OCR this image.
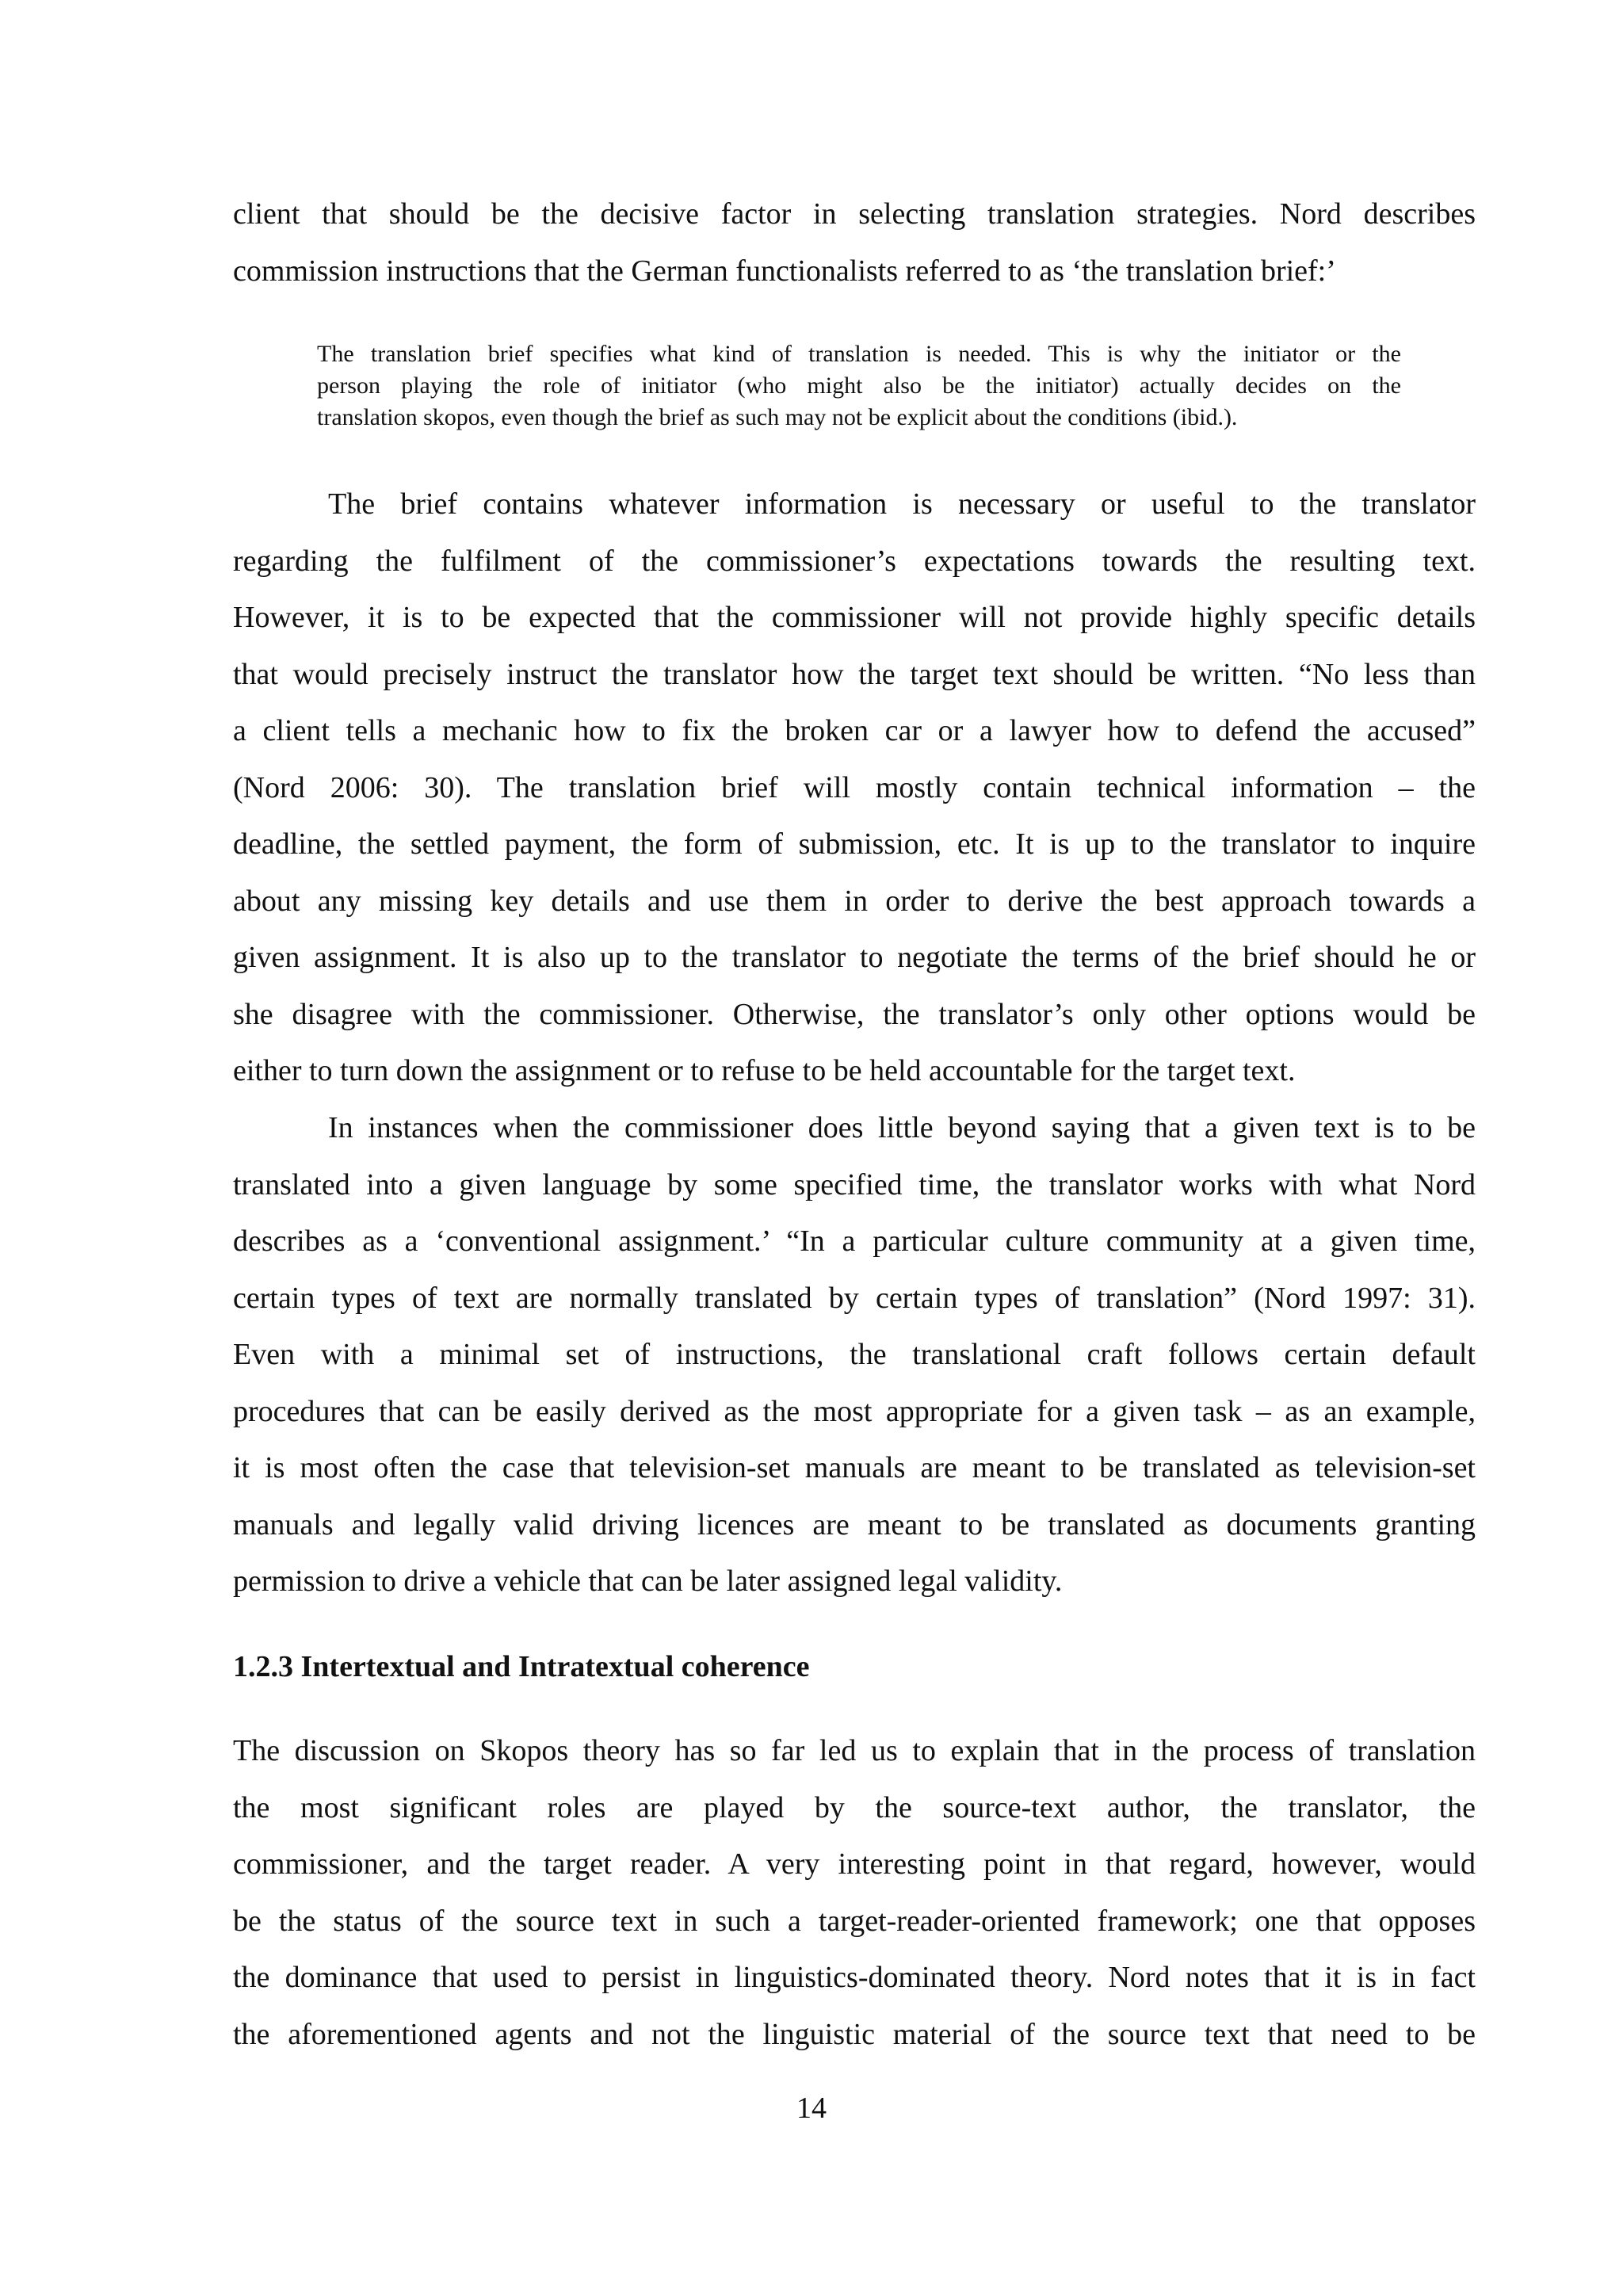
client that should be the decisive factor in selecting translation strategies. Nord describes
commission instructions that the German functionalists referred to as ‘the translation brief:’
The translation brief specifies what kind of translation is needed. This is why the initiator or the
person playing the role of initiator (who might also be the initiator) actually decides on the
translation skopos, even though the brief as such may not be explicit about the conditions (ibid.).
The brief contains whatever information is necessary or useful to the translator
regarding the fulfilment of the commissioner’s expectations towards the resulting text.
However, it is to be expected that the commissioner will not provide highly specific details
that would precisely instruct the translator how the target text should be written. “No less than
a client tells a mechanic how to fix the broken car or a lawyer how to defend the accused”
(Nord 2006: 30). The translation brief will mostly contain technical information – the
deadline, the settled payment, the form of submission, etc. It is up to the translator to inquire
about any missing key details and use them in order to derive the best approach towards a
given assignment. It is also up to the translator to negotiate the terms of the brief should he or
she disagree with the commissioner. Otherwise, the translator’s only other options would be
either to turn down the assignment or to refuse to be held accountable for the target text.
In instances when the commissioner does little beyond saying that a given text is to be
translated into a given language by some specified time, the translator works with what Nord
describes as a ‘conventional assignment.’ “In a particular culture community at a given time,
certain types of text are normally translated by certain types of translation” (Nord 1997: 31).
Even with a minimal set of instructions, the translational craft follows certain default
procedures that can be easily derived as the most appropriate for a given task – as an example,
it is most often the case that television-set manuals are meant to be translated as television-set
manuals and legally valid driving licences are meant to be translated as documents granting
permission to drive a vehicle that can be later assigned legal validity.
1.2.3 Intertextual and Intratextual coherence
The discussion on Skopos theory has so far led us to explain that in the process of translation
the most significant roles are played by the source-text author, the translator, the
commissioner, and the target reader. A very interesting point in that regard, however, would
be the status of the source text in such a target-reader-oriented framework; one that opposes
the dominance that used to persist in linguistics-dominated theory. Nord notes that it is in fact
the aforementioned agents and not the linguistic material of the source text that need to be

14
